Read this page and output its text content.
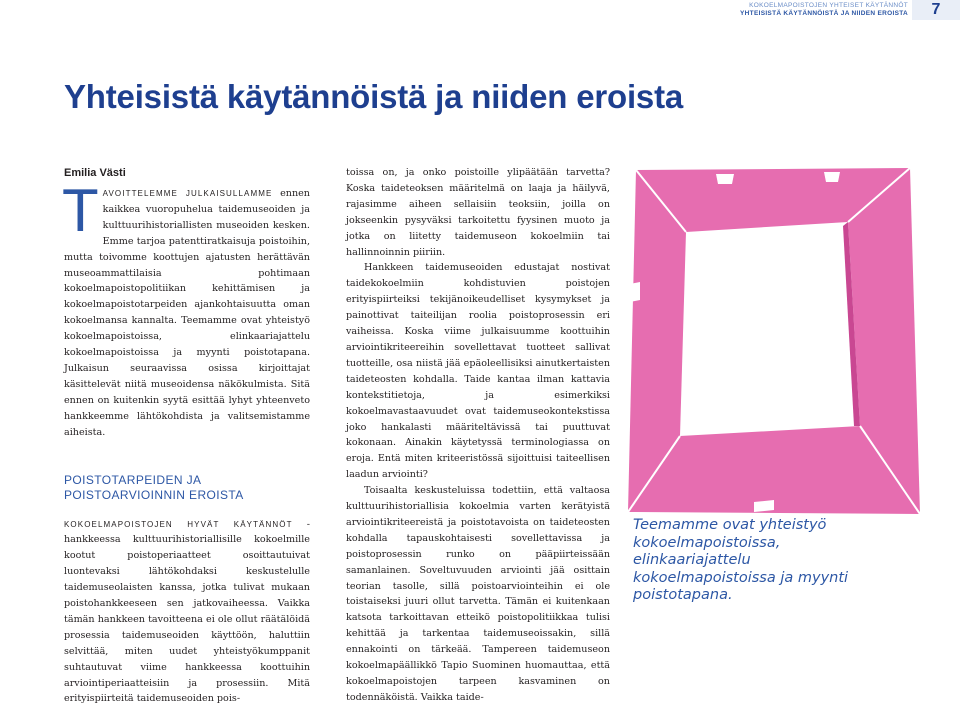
KOKOELMAPOISTOJEN YHTEISET KÄYTÄNNÖT
YHTEISISTÄ KÄYTÄNNÖISTÄ JA NIIDEN EROISTA	7
Yhteisistä käytännöistä ja niiden eroista
Emilia Västi

TAVOITTELEMME JULKAISULLAMME ennen kaikkea vuoropuhelua taidemuseoiden ja kulttuurihistoriallisten museoiden kesken. Emme tarjoa patenttiratkaisuja poistoihin, mutta toivomme koottujen ajatusten herättävän museoammattilaisia pohtimaan kokoelmapoistopolitiikan kehittämisen ja kokoelmapoistotarpeiden ajankohtaisuutta oman kokoelmansa kannalta. Teemamme ovat yhteistyö kokoelmapoistoissa, elinkaariajattelu kokoelmapoistoissa ja myynti poistotapana. Julkaisun seuraavissa osissa kirjoittajat käsittelevät niitä museoidensa näkökulmista. Sitä ennen on kuitenkin syytä esittää lyhyt yhteenveto hankkeemme lähtökohdista ja valitsemistamme aiheista.

POISTOTARPEIDEN JA
POISTOARVIOINNIN EROISTA

KOKOELMAPOISTOJEN HYVÄT KÄYTÄNNÖT -hankkeessa kulttuurihistoriallisille kokoelmille kootut poistoperiaatteet osoittautuivat luontevaksi lähtökohdaksi keskustelulle taidemuseolaisten kanssa, jotka tulivat mukaan poistohankkeeseen sen jatkovaiheessa. Vaikka tämän hankkeen tavoitteena ei ole ollut räätälöidä prosessia taidemuseoiden käyttöön, haluttiin selvittää, miten uudet yhteistyökumppanit suhtautuvat viime hankkeessa koottuihin arviointiperiaatteisiin ja prosessiin. Mitä erityispiirteitä taidemuseoiden pois-

toissa on, ja onko poistoille ylipäätään tarvetta? Koska taideteoksen määritelmä on laaja ja häilyvä, rajasimme aiheen sellaisiin teoksiin, joilla on jokseenkin pysyväksi tarkoitettu fyysinen muoto ja jotka on liitetty taidemuseon kokoelmiin tai hallinnoinnin piiriin.

Hankkeen taidemuseoiden edustajat nostivat taidekokoelmiin kohdistuvien poistojen erityispiirteiksi tekijänoikeudelliset kysymykset ja painottivat taiteilijan roolia poistoprosessin eri vaiheissa. Koska viime julkaisuumme koottuihin arviointikriteereihin sovellettavat tuotteet sallivat tuotteille, osa niistä jää epäoleellisiksi ainutkertaisten taideteosten kohdalla. Taide kantaa ilman kattavia kontekstitietoja, ja esimerkiksi kokoelmavastaavuudet ovat taidemuseokontekstissa joko hankalasti määriteltävissä tai puuttuvat kokonaan. Ainakin käytetyssä terminologiassa on eroja. Entä miten kriteeristössä sijoittuisi taiteellisen laadun arviointi?

Toisaalta keskusteluissa todettiin, että valtaosa kulttuurihistoriallisia kokoelmia varten kerätyistä arviointikriteereistä ja poistotavoista on taideteosten kohdalla tapauskohtaisesti sovellettavissa ja poistoprosessin runko on pääpiirteissään samanlainen. Soveltuvuuden arviointi jää osittain teorian tasolle, sillä poistoarviointeihin ei ole toistaiseksi juuri ollut tarvetta. Tämän ei kuitenkaan katsota tarkoittavan etteikö poistopolitiikkaa tulisi kehittää ja tarkentaa taidemuseoissakin, sillä ennakointi on tärkeää. Tampereen taidemuseon kokoelmapäällikkö Tapio Suominen huomauttaa, että kokoelmapoistojen tarpeen kasvaminen on todennäköistä. Vaikka taide-

Teemamme ovat yhteistyö kokoelmapoistoissa, elinkaariajattelu kokoelmapoistoissa ja myynti poistotapana.
